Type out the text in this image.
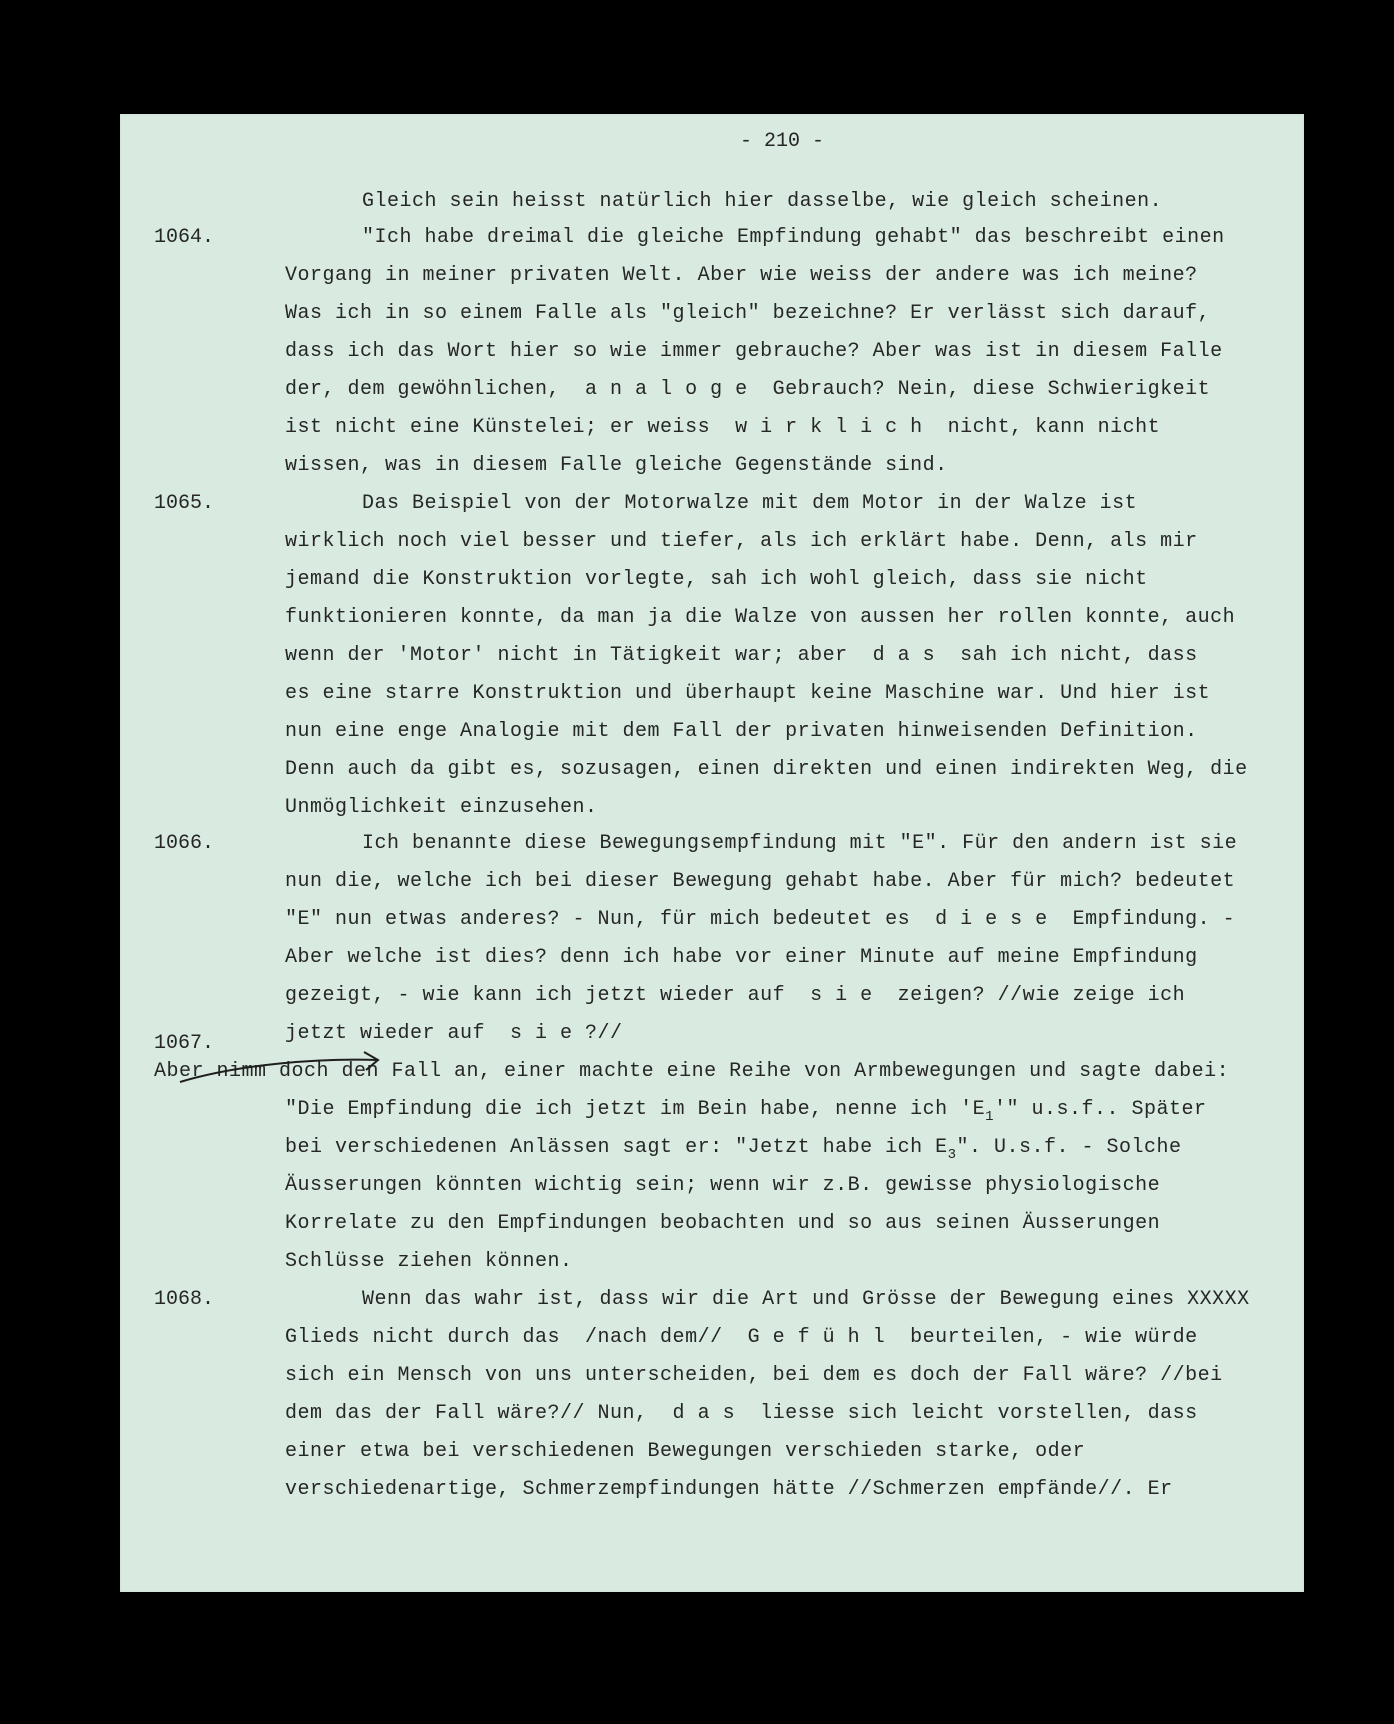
- 210 -
Gleich sein heisst natürlich hier dasselbe, wie gleich scheinen.
1064.	"Ich habe dreimal die gleiche Empfindung gehabt" das beschreibt einen
Vorgang in meiner privaten Welt. Aber wie weiss der andere was ich meine?
Was ich in so einem Falle als "gleich" bezeichne? Er verlässt sich darauf,
dass ich das Wort hier so wie immer gebrauche? Aber was ist in diesem Falle
der, dem gewöhnlichen,  a n a l o g e  Gebrauch? Nein, diese Schwierigkeit
ist nicht eine Künstelei; er weiss  w i r k l i c h  nicht, kann nicht
wissen, was in diesem Falle gleiche Gegenstände sind.
1065.	Das Beispiel von der Motorwalze mit dem Motor in der Walze ist
wirklich noch viel besser und tiefer, als ich erklärt habe. Denn, als mir
jemand die Konstruktion vorlegte, sah ich wohl gleich, dass sie nicht
funktionieren konnte, da man ja die Walze von aussen her rollen konnte, auch
wenn der 'Motor' nicht in Tätigkeit war; aber  d a s  sah ich nicht, dass
es eine starre Konstruktion und überhaupt keine Maschine war. Und hier ist
nun eine enge Analogie mit dem Fall der privaten hinweisenden Definition.
Denn auch da gibt es, sozusagen, einen direkten und einen indirekten Weg, die
Unmöglichkeit einzusehen.
1066.	Ich benannte diese Bewegungsempfindung mit "E". Für den andern ist sie
nun die, welche ich bei dieser Bewegung gehabt habe. Aber für mich? bedeutet
"E" nun etwas anderes? - Nun, für mich bedeutet es  d i e s e  Empfindung. -
Aber welche ist dies? denn ich habe vor einer Minute auf meine Empfindung
gezeigt, - wie kann ich jetzt wieder auf  s i e  zeigen? //wie zeige ich
jetzt wieder auf  s i e ?//
1067.
Aber nimm doch den Fall an, einer machte eine Reihe von Armbewegungen und sagte dabei:
"Die Empfindung die ich jetzt im Bein habe, nenne ich '$E_1$'" u.s.f.. Später
bei verschiedenen Anlässen sagt er: "Jetzt habe ich $E_3$". U.s.f. - Solche
Äusserungen könnten wichtig sein; wenn wir z.B. gewisse physiologische
Korrelate zu den Empfindungen beobachten und so aus seinen Äusserungen
Schlüsse ziehen können.
1068.	Wenn das wahr ist, dass wir die Art und Grösse der Bewegung eines XXXXX
Glieds nicht durch das  /nach dem//  G e f ü h l  beurteilen, - wie würde
sich ein Mensch von uns unterscheiden, bei dem es doch der Fall wäre? //bei
dem das der Fall wäre?// Nun,  d a s  liesse sich leicht vorstellen, dass
einer etwa bei verschiedenen Bewegungen verschieden starke, oder
verschiedenartige, Schmerzempfindungen hätte //Schmerzen empfände//. Er
